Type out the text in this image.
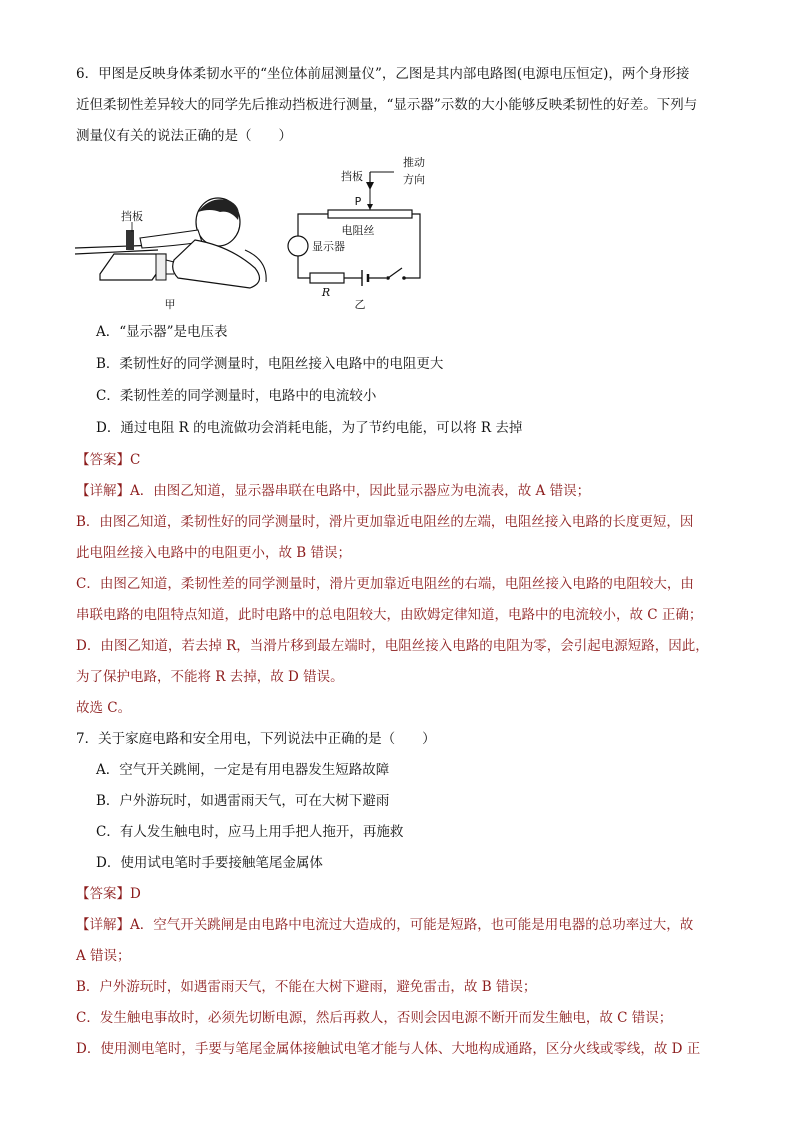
6．甲图是反映身体柔韧水平的“坐位体前屈测量仪”，乙图是其内部电路图(电源电压恒定)，两个身形接
近但柔韧性差异较大的同学先后推动挡板进行测量，“显示器”示数的大小能够反映柔韧性的好差。下列与
测量仪有关的说法正确的是（　　）
挡板
甲
挡板
推动
方向
P
电阻丝
显示器
R
乙
A．“显示器”是电压表
B．柔韧性好的同学测量时，电阻丝接入电路中的电阻更大
C．柔韧性差的同学测量时，电路中的电流较小
D．通过电阻 R 的电流做功会消耗电能，为了节约电能，可以将 R 去掉
【答案】C
【详解】A．由图乙知道，显示器串联在电路中，因此显示器应为电流表，故 A 错误；
B．由图乙知道，柔韧性好的同学测量时，滑片更加靠近电阻丝的左端，电阻丝接入电路的长度更短，因
此电阻丝接入电路中的电阻更小，故 B 错误；
C．由图乙知道，柔韧性差的同学测量时，滑片更加靠近电阻丝的右端，电阻丝接入电路的电阻较大，由
串联电路的电阻特点知道，此时电路中的总电阻较大，由欧姆定律知道，电路中的电流较小，故 C 正确；
D．由图乙知道，若去掉 R，当滑片移到最左端时，电阻丝接入电路的电阻为零，会引起电源短路，因此，
为了保护电路，不能将 R 去掉，故 D 错误。
故选 C。
7．关于家庭电路和安全用电，下列说法中正确的是（　　）
A．空气开关跳闸，一定是有用电器发生短路故障
B．户外游玩时，如遇雷雨天气，可在大树下避雨
C．有人发生触电时，应马上用手把人拖开，再施救
D．使用试电笔时手要接触笔尾金属体
【答案】D
【详解】A．空气开关跳闸是由电路中电流过大造成的，可能是短路，也可能是用电器的总功率过大，故
A 错误；
B．户外游玩时，如遇雷雨天气，不能在大树下避雨，避免雷击，故 B 错误；
C．发生触电事故时，必须先切断电源，然后再救人，否则会因电源不断开而发生触电，故 C 错误；
D．使用测电笔时，手要与笔尾金属体接触试电笔才能与人体、大地构成通路，区分火线或零线，故 D 正
